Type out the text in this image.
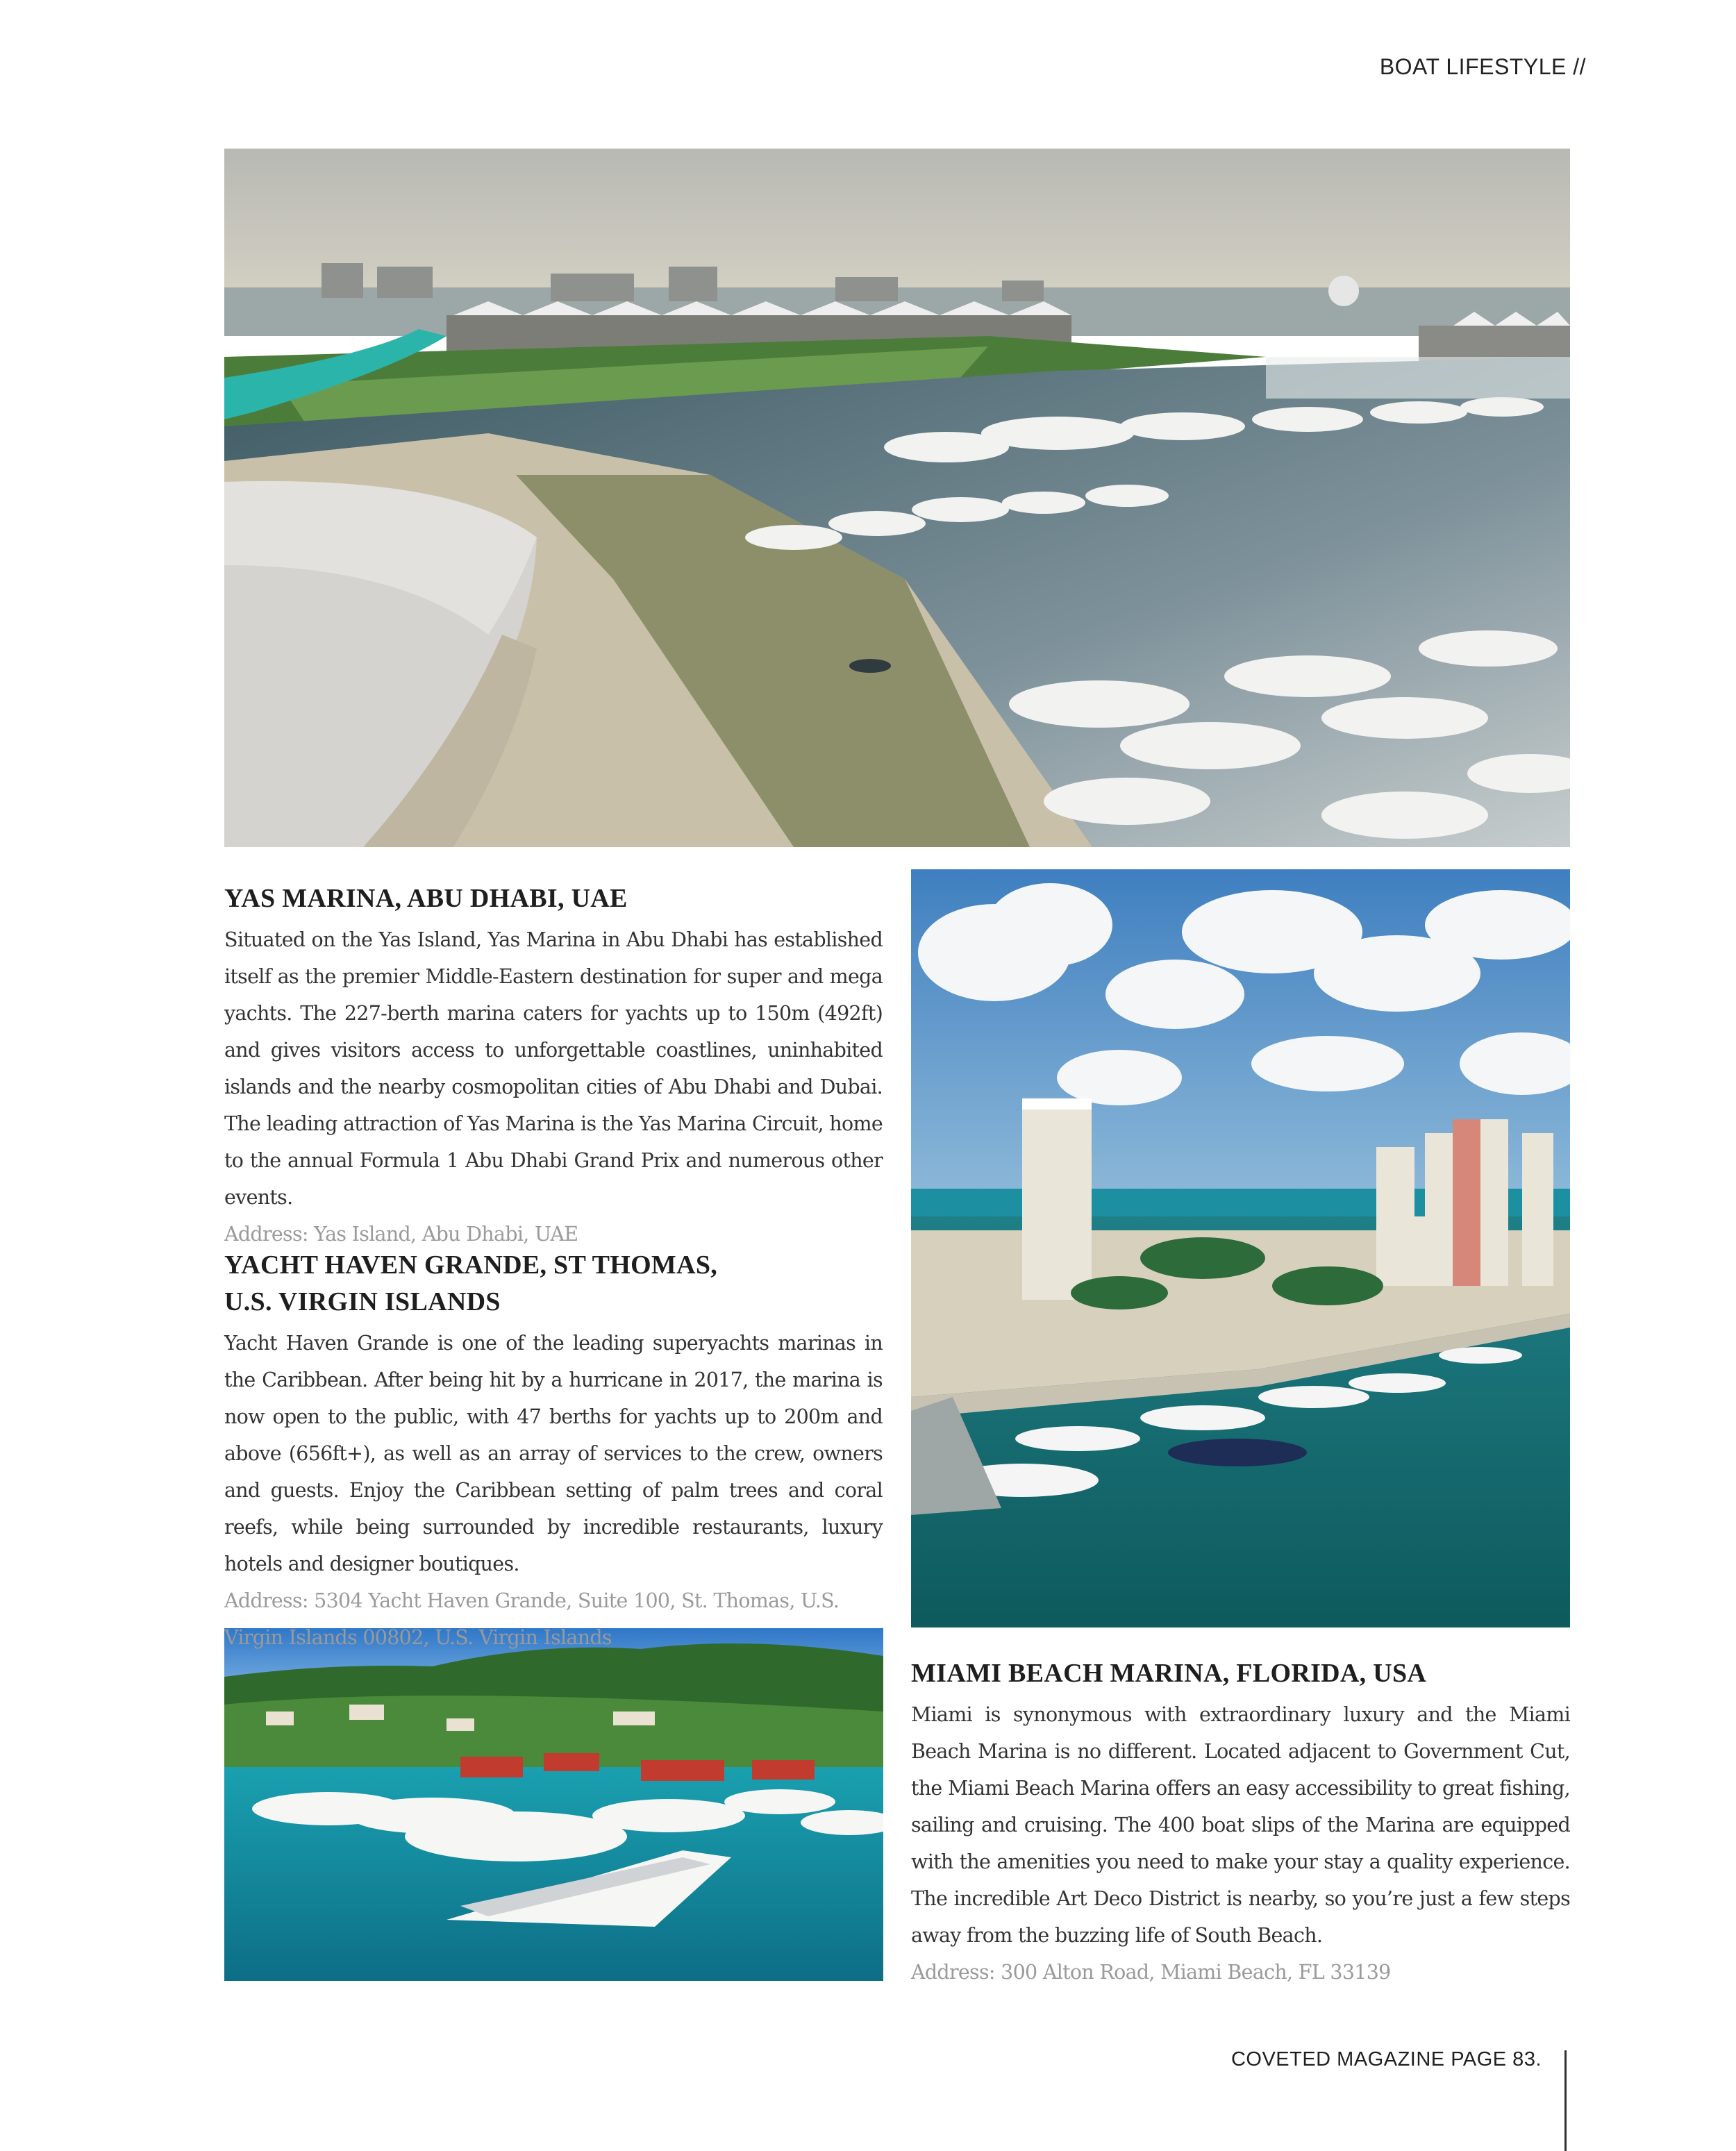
BOAT LIFESTYLE //
YAS MARINA, ABU DHABI, UAE

Situated on the Yas Island, Yas Marina in Abu Dhabi has established itself as the premier Middle-Eastern destination for super and mega yachts. The 227-berth marina caters for yachts up to 150m (492ft) and gives visitors access to unforgettable coastlines, uninhabited islands and the nearby cosmopolitan cities of Abu Dhabi and Dubai. The leading attraction of Yas Marina is the Yas Marina Circuit, home to the annual Formula 1 Abu Dhabi Grand Prix and numerous other events.

Address: Yas Island, Abu Dhabi, UAE

YACHT HAVEN GRANDE, ST THOMAS,
U.S. VIRGIN ISLANDS

Yacht Haven Grande is one of the leading superyachts marinas in the Caribbean. After being hit by a hurricane in 2017, the marina is now open to the public, with 47 berths for yachts up to 200m and above (656ft+), as well as an array of services to the crew, owners and guests. Enjoy the Caribbean setting of palm trees and coral reefs, while being surrounded by incredible restaurants, luxury hotels and designer boutiques.

Address: 5304 Yacht Haven Grande, Suite 100, St. Thomas, U.S. Virgin Islands 00802, U.S. Virgin Islands

MIAMI BEACH MARINA, FLORIDA, USA

Miami is synonymous with extraordinary luxury and the Miami Beach Marina is no different. Located adjacent to Government Cut, the Miami Beach Marina offers an easy accessibility to great fishing, sailing and cruising. The 400 boat slips of the Marina are equipped with the amenities you need to make your stay a quality experience. The incredible Art Deco District is nearby, so you’re just a few steps away from the buzzing life of South Beach.

Address: 300 Alton Road, Miami Beach, FL 33139

COVETED MAGAZINE PAGE 83.
